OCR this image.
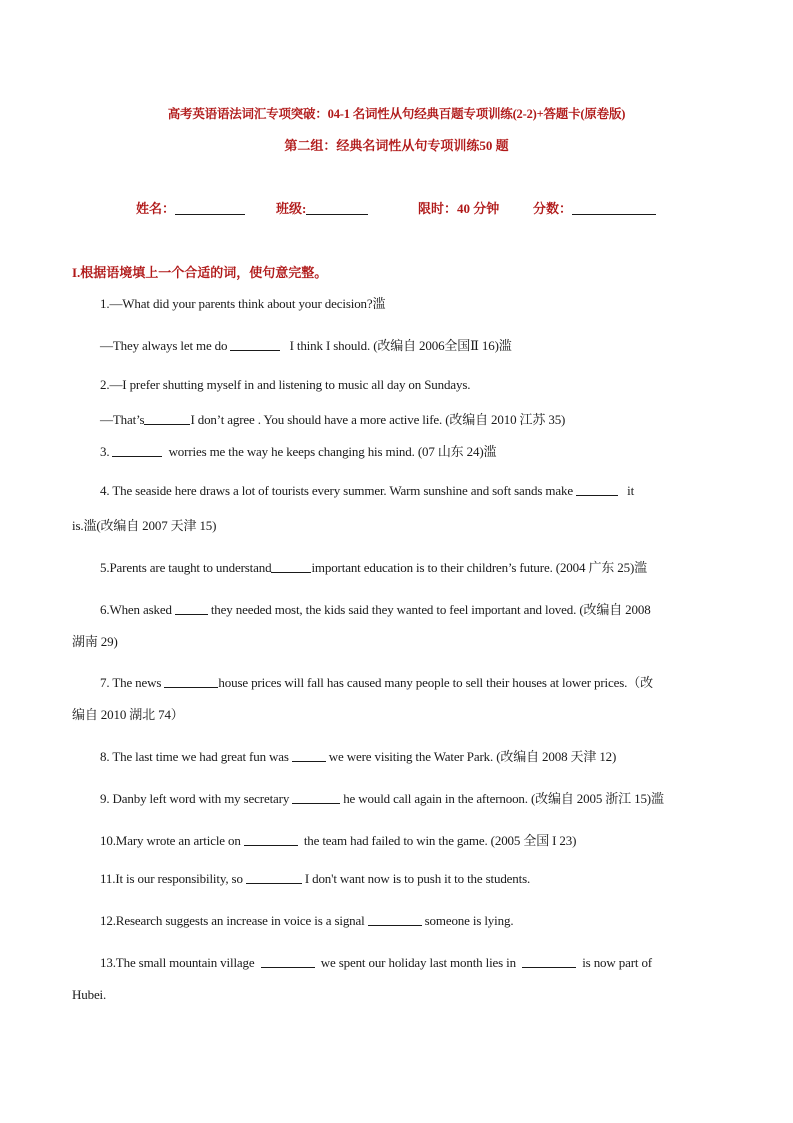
高考英语语法词汇专项突破：04-1 名词性从句经典百题专项训练(2-2)+答题卡(原卷版)
第二组：经典名词性从句专项训练50 题
姓名：	班级:	限时：40 分钟	分数：
I.根据语境填上一个合适的词，使句意完整。
1.—What did your parents think about your decision?滥
—They always let me do	I think I should. (改编自 2006全国Ⅱ 16)滥
2.—I prefer shutting myself in and listening to music all day on Sundays.
—That’s	I don’t agree . You should have a more active life. (改编自 2010 江苏 35)
3.	worries me the way he keeps changing his mind. (07 山东 24)滥
4. The seaside here draws a lot of tourists every summer. Warm sunshine and soft sands make	it
is.滥(改编自 2007 天津 15)
5.Parents are taught to understand	important education is to their children’s future. (2004 广东 25)滥
6.When asked	they needed most, the kids said they wanted to feel important and loved. (改编自 2008
湖南 29)
7. The news	house prices will fall has caused many people to sell their houses at lower prices.（改
编自 2010 湖北 74）
8. The last time we had great fun was	we were visiting the Water Park. (改编自 2008 天津 12)
9. Danby left word with my secretary	he would call again in the afternoon. (改编自 2005 浙江 15)滥
10.Mary wrote an article on	the team had failed to win the game. (2005 全国 I 23)
11.It is our responsibility, so	I don't want now is to push it to the students.
12.Research suggests an increase in voice is a signal	someone is lying.
13.The small mountain village	we spent our holiday last month lies in	is now part of
Hubei.
